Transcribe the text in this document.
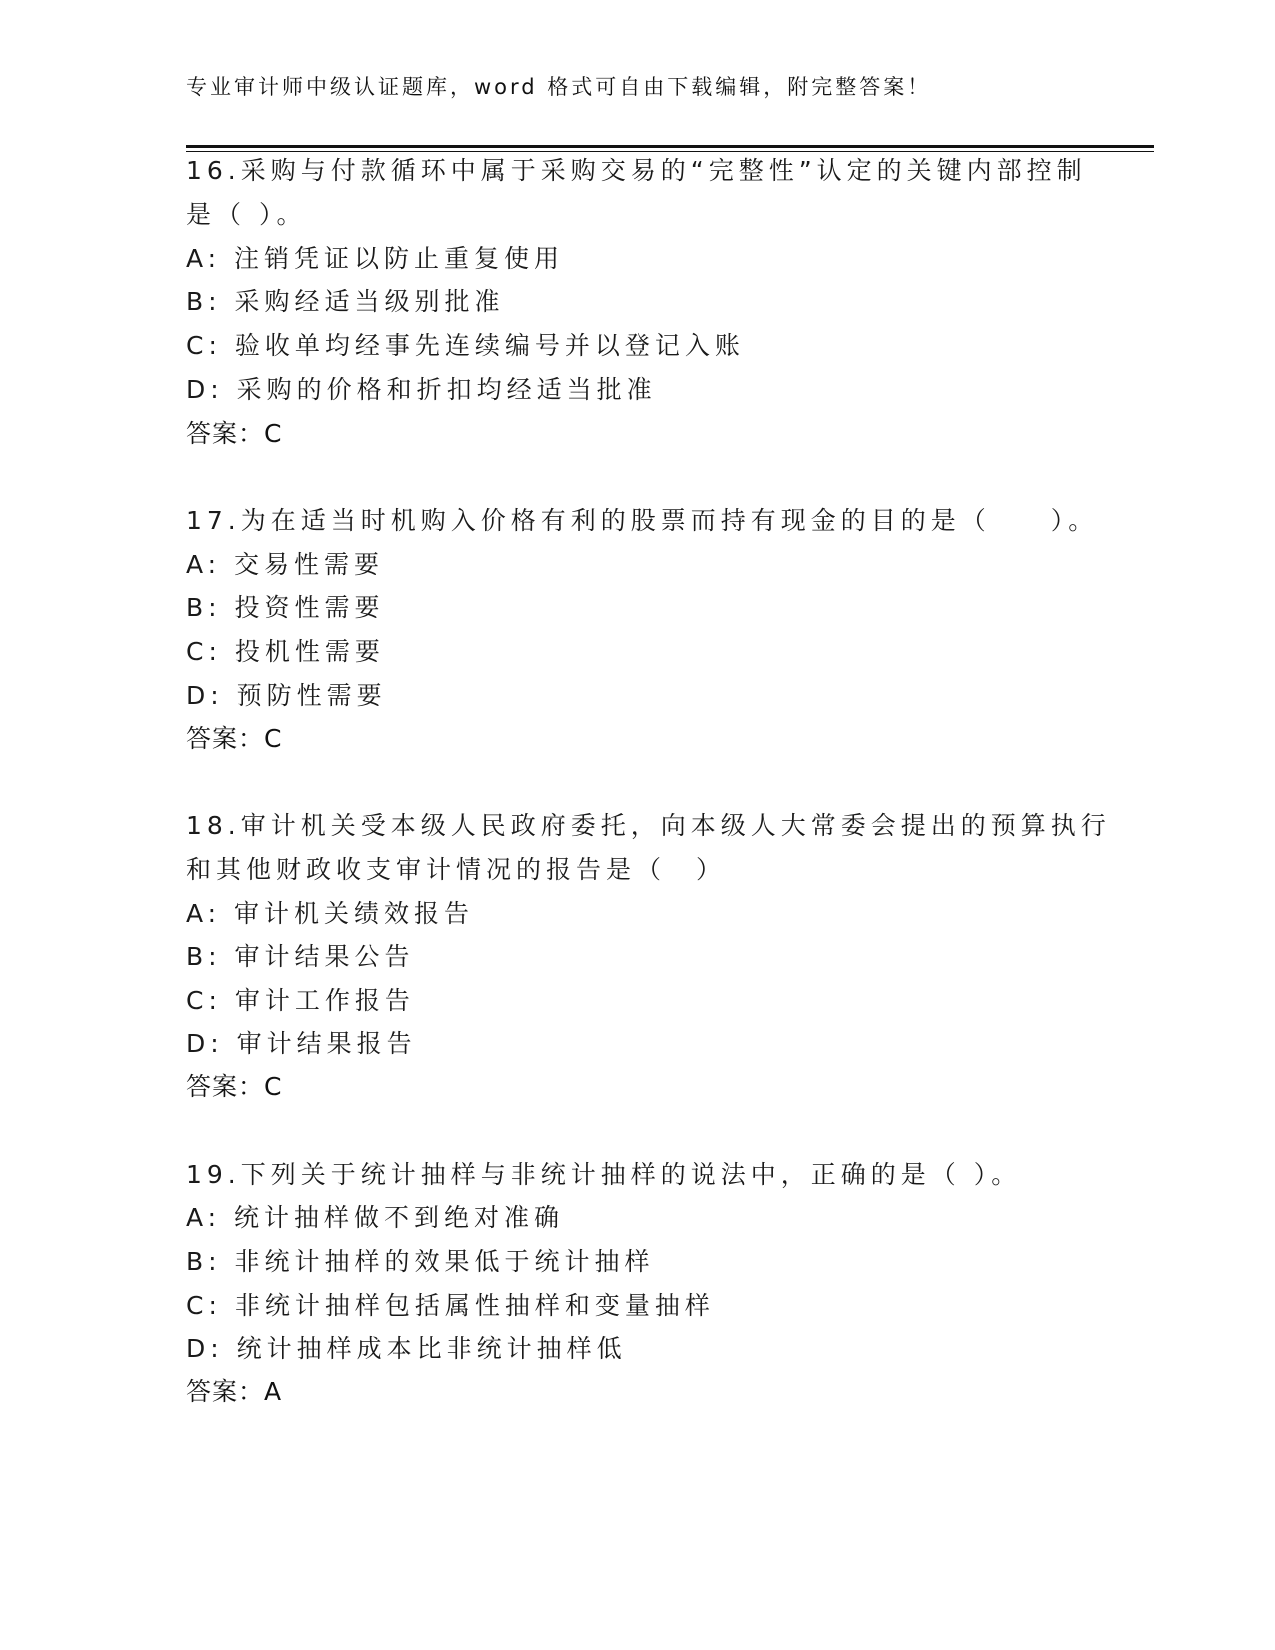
专业审计师中级认证题库，word 格式可自由下载编辑，附完整答案！
16.采购与付款循环中属于采购交易的“完整性”认定的关键内部控制
是（ ）。
A: 注销凭证以防止重复使用
B: 采购经适当级别批准
C: 验收单均经事先连续编号并以登记入账
D: 采购的价格和折扣均经适当批准
答案：C
17.为在适当时机购入价格有利的股票而持有现金的目的是（　　）。
A: 交易性需要
B: 投资性需要
C: 投机性需要
D: 预防性需要
答案：C
18.审计机关受本级人民政府委托，向本级人大常委会提出的预算执行
和其他财政收支审计情况的报告是（　）
A: 审计机关绩效报告
B: 审计结果公告
C: 审计工作报告
D: 审计结果报告
答案：C
19.下列关于统计抽样与非统计抽样的说法中，正确的是（ ）。
A: 统计抽样做不到绝对准确
B: 非统计抽样的效果低于统计抽样
C: 非统计抽样包括属性抽样和变量抽样
D: 统计抽样成本比非统计抽样低
答案：A
